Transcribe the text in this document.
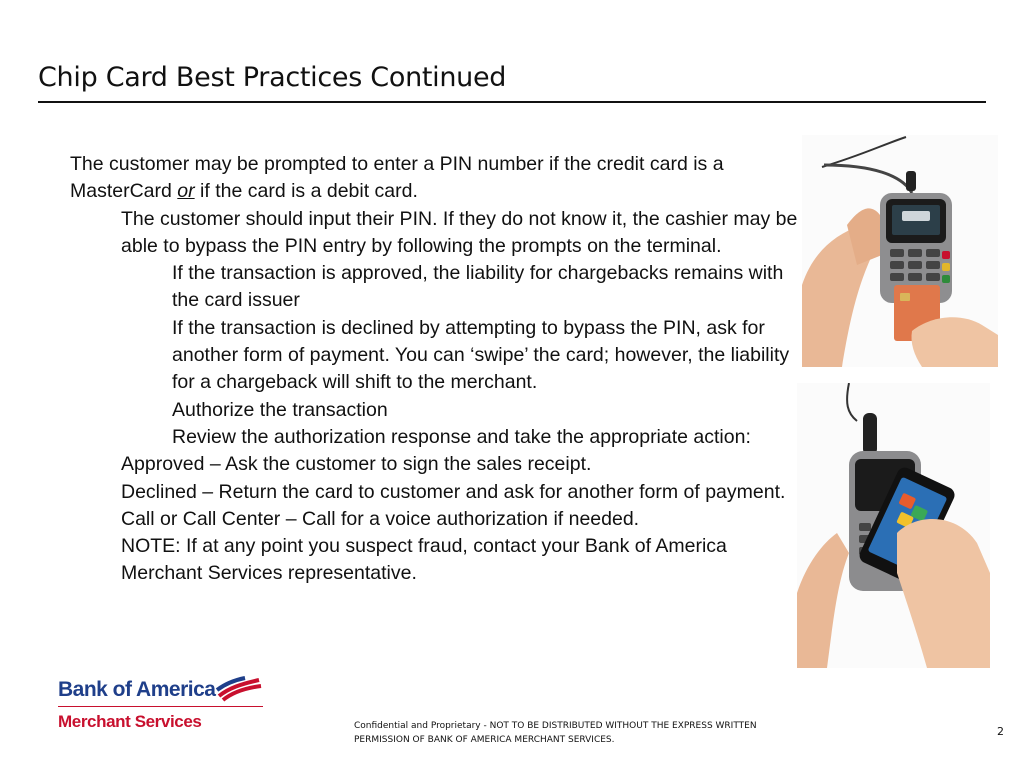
Chip Card Best Practices Continued

The customer may be prompted to enter a PIN number if the credit card is a MasterCard or if the card is a debit card.

The customer should input their PIN. If they do not know it, the cashier may be able to bypass the PIN entry by following the prompts on the terminal.

If the transaction is approved, the liability for chargebacks remains with the card issuer

If the transaction is declined by attempting to bypass the PIN, ask for another form of payment. You can ‘swipe’ the card; however, the liability for a chargeback will shift to the merchant.

Authorize the transaction

Review the authorization response and take the appropriate action:

Approved – Ask the customer to sign the sales receipt.

Declined – Return the card to customer and ask for another form of payment.

Call or Call Center – Call for a voice authorization if needed.

NOTE: If at any point you suspect fraud, contact your Bank of America Merchant Services representative.

Bank of America
Merchant Services	Confidential and Proprietary - NOT TO BE DISTRIBUTED WITHOUT THE EXPRESS WRITTEN
PERMISSION OF BANK OF AMERICA MERCHANT SERVICES.
2
